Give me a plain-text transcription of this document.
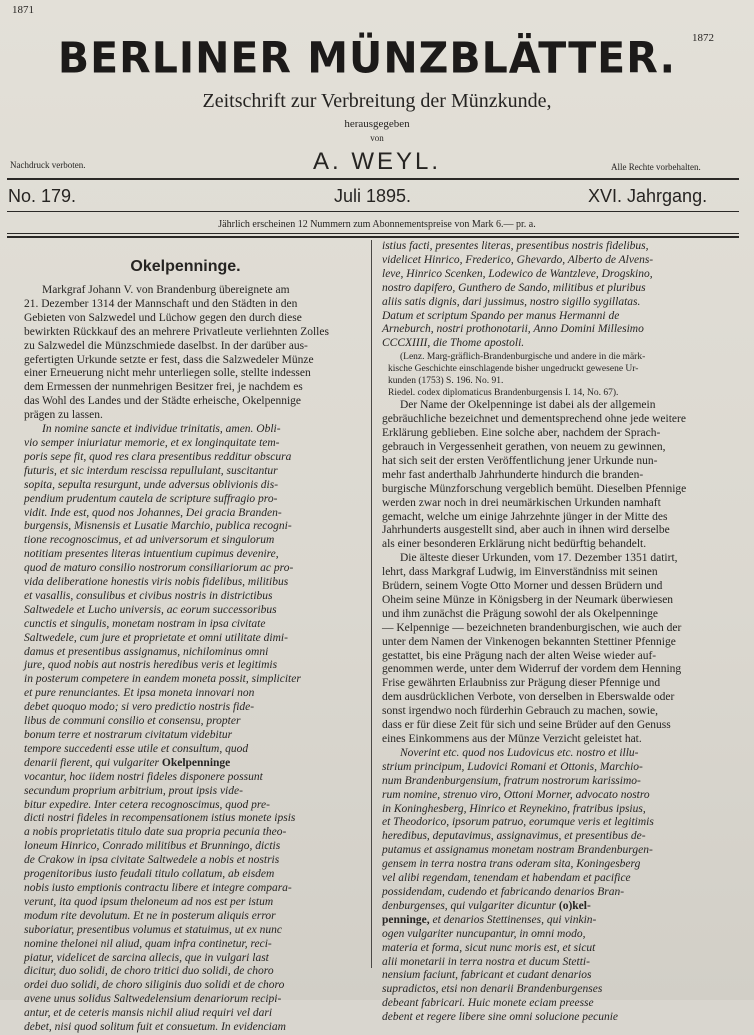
1871
1872
BERLINER MÜNZBLÄTTER.
Zeitschrift zur Verbreitung der Münzkunde,
herausgegeben
von
A. WEYL.
Nachdruck verboten.	Alle Rechte vorbehalten.
No. 179.	Juli 1895.	XVI. Jahrgang.
Jährlich erscheinen 12 Nummern zum Abonnementspreise von Mark 6.— pr. a.
Okelpenninge.
Markgraf Johann V. von Brandenburg übereignete am
21. Dezember 1314 der Mannschaft und den Städten in den
Gebieten von Salzwedel und Lüchow gegen den durch diese
bewirkten Rückkauf des an mehrere Privatleute verliehnten Zolles
zu Salzwedel die Münzschmiede daselbst. In der darüber aus-
gefertigten Urkunde setzte er fest, dass die Salzwedeler Münze
einer Erneuerung nicht mehr unterliegen solle, stellte indessen
dem Ermessen der nunmehrigen Besitzer frei, je nachdem es
das Wohl des Landes und der Städte erheische, Okelpennige
prägen zu lassen.
In nomine sancte et individue trinitatis, amen. Obli-
vio semper iniuriatur memorie, et ex longinquitate tem-
poris sepe fit, quod res clara presentibus redditur obscura
futuris, et sic interdum rescissa repullulant, suscitantur
sopita, sepulta resurgunt, unde adversus oblivionis dis-
pendium prudentum cautela de scripture suffragio pro-
vidit. Inde est, quod nos Johannes, Dei gracia Branden-
burgensis, Misnensis et Lusatie Marchio, publica recogni-
tione recognoscimus, et ad universorum et singulorum
notitiam presentes literas intuentium cupimus devenire,
quod de maturo consilio nostrorum consiliariorum ac pro-
vida deliberatione honestis viris nobis fidelibus, militibus
et vasallis, consulibus et civibus nostris in districtibus
Saltwedele et Lucho universis, ac eorum successoribus
cunctis et singulis, monetam nostram in ipsa civitate
Saltwedele, cum jure et proprietate et omni utilitate dimi-
damus et presentibus assignamus, nichilominus omni
jure, quod nobis aut nostris heredibus veris et legitimis
in posterum competere in eandem moneta possit, simpliciter
et pure renunciantes. Et ipsa moneta innovari non
debet quoquo modo; si vero predictio nostris fide-
libus de communi consilio et consensu, propter
bonum terre et nostrarum civitatum videbitur
tempore succedenti esse utile et consultum, quod
denarii fierent, qui vulgariter Okelpenninge
vocantur, hoc iidem nostri fideles disponere possunt
secundum proprium arbitrium, prout ipsis vide-
bitur expedire. Inter cetera recognoscimus, quod pre-
dicti nostri fideles in recompensationem istius monete ipsis
a nobis proprietatis titulo date sua propria pecunia theo-
loneum Hinrico, Conrado militibus et Brunningo, dictis
de Crakow in ipsa civitate Saltwedele a nobis et nostris
progenitoribus iusto feudali titulo collatum, ab eisdem
nobis iusto emptionis contractu libere et integre compara-
verunt, ita quod ipsum theloneum ad nos est per istum
modum rite devolutum. Et ne in posterum aliquis error
suboriatur, presentibus volumus et statuimus, ut ex nunc
nomine thelonei nil aliud, quam infra continetur, reci-
piatur, videlicet de sarcina allecis, que in vulgari last
dicitur, duo solidi, de choro tritici duo solidi, de choro
ordei duo solidi, de choro siliginis duo solidi et de choro
avene unus solidus Saltwedelensium denariorum recipi-
antur, et de ceteris mansis nichil aliud requiri vel dari
debet, nisi quod solitum fuit et consuetum. In evidenciam
istius facti, presentes literas, presentibus nostris fidelibus,
videlicet Hinrico, Frederico, Ghevardo, Alberto de Alvens-
leve, Hinrico Scenken, Lodewico de Wantzleve, Drogskino,
nostro dapifero, Gunthero de Sando, militibus et pluribus
aliis satis dignis, dari jussimus, nostro sigillo sygillatas.
Datum et scriptum Spando per manus Hermanni de
Arneburch, nostri prothonotarii, Anno Domini Millesimo
CCCXIIII, die Thome apostoli.
(Lenz. Marg-gräflich-Brandenburgische und andere in die märk-
kische Geschichte einschlagende bisher ungedruckt gewesene Ur-
kunden (1753) S. 196. No. 91.
Riedel. codex diplomaticus Brandenburgensis I. 14, No. 67).
Der Name der Okelpenninge ist dabei als der allgemein
gebräuchliche bezeichnet und dementsprechend ohne jede weitere
Erklärung geblieben. Eine solche aber, nachdem der Sprach-
gebrauch in Vergessenheit gerathen, von neuem zu gewinnen,
hat sich seit der ersten Veröffentlichung jener Urkunde nun-
mehr fast anderthalb Jahrhunderte hindurch die branden-
burgische Münzforschung vergeblich bemüht. Dieselben Pfennige
werden zwar noch in drei neumärkischen Urkunden namhaft
gemacht, welche um einige Jahrzehnte jünger in der Mitte des
Jahrhunderts ausgestellt sind, aber auch in ihnen wird derselbe
als einer besonderen Erklärung nicht bedürftig behandelt.
Die älteste dieser Urkunden, vom 17. Dezember 1351 datirt,
lehrt, dass Markgraf Ludwig, im Einverständniss mit seinen
Brüdern, seinem Vogte Otto Morner und dessen Brüdern und
Oheim seine Münze in Königsberg in der Neumark überwiesen
und ihm zunächst die Prägung sowohl der als Okelpenninge
— Kelpennige — bezeichneten brandenburgischen, wie auch der
unter dem Namen der Vinkenogen bekannten Stettiner Pfennige
gestattet, bis eine Prägung nach der alten Weise wieder auf-
genommen werde, unter dem Widerruf der vordem dem Henning
Frise gewährten Erlaubniss zur Prägung dieser Pfennige und
dem ausdrücklichen Verbote, von derselben in Eberswalde oder
sonst irgendwo noch fürderhin Gebrauch zu machen, sowie,
dass er für diese Zeit für sich und seine Brüder auf den Genuss
eines Einkommens aus der Münze Verzicht geleistet hat.
Noverint etc. quod nos Ludovicus etc. nostro et illu-
strium principum, Ludovici Romani et Ottonis, Marchio-
num Brandenburgensium, fratrum nostrorum karissimo-
rum nomine, strenuo viro, Ottoni Morner, advocato nostro
in Koninghesberg, Hinrico et Reynekino, fratribus ipsius,
et Theodorico, ipsorum patruo, eorumque veris et legitimis
heredibus, deputavimus, assignavimus, et presentibus de-
putamus et assignamus monetam nostram Brandenburgen-
gensem in terra nostra trans oderam sita, Koningesberg
vel alibi regendam, tenendam et habendam et pacifice
possidendam, cudendo et fabricando denarios Bran-
denburgenses, qui vulgariter dicuntur (o)kel-
penninge, et denarios Stettinenses, qui vinkin-
ogen vulgariter nuncupantur, in omni modo,
materia et forma, sicut nunc moris est, et sicut
alii monetarii in terra nostra et ducum Stetti-
nensium faciunt, fabricant et cudant denarios
supradictos, etsi non denarii Brandenburgenses
debeant fabricari. Huic monete eciam preesse
debent et regere libere sine omni solucione pecunie
